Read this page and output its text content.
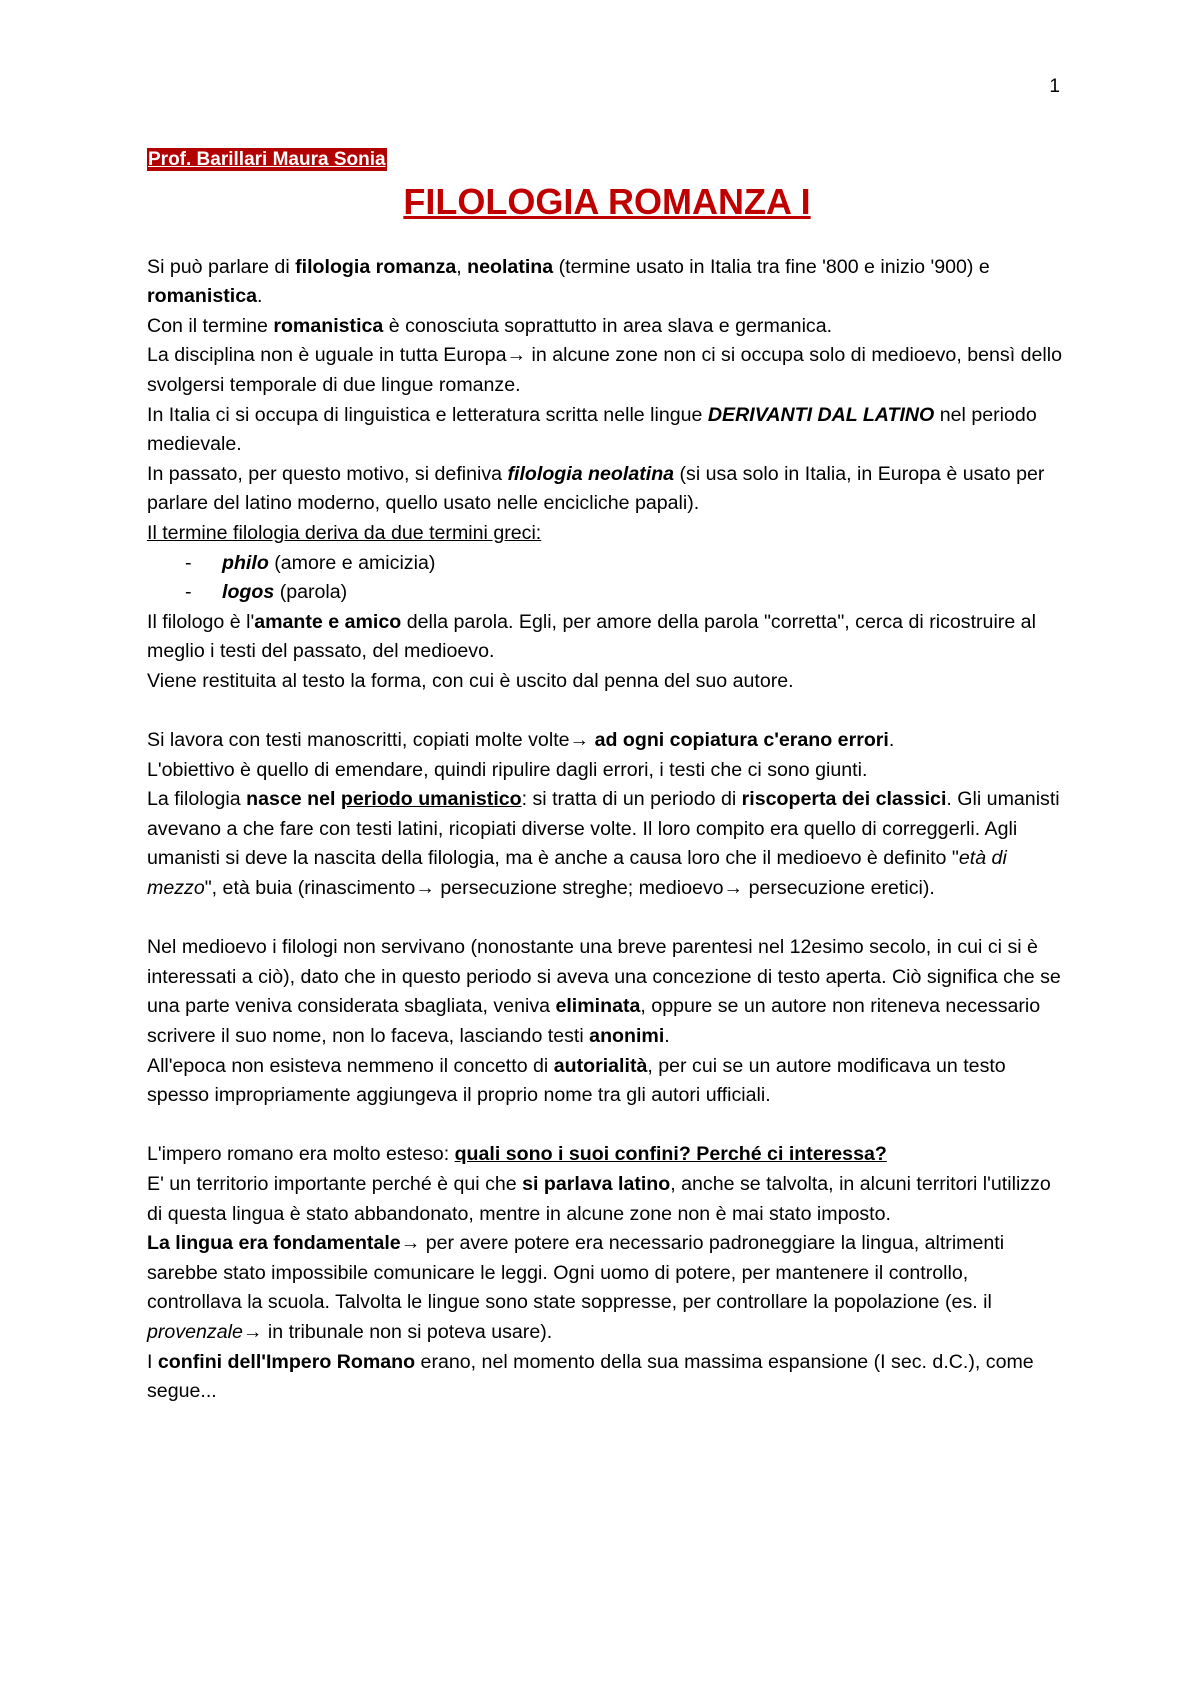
1
Prof. Barillari Maura Sonia
FILOLOGIA ROMANZA I

Si può parlare di filologia romanza, neolatina (termine usato in Italia tra fine '800 e inizio '900) e romanistica.

Con il termine romanistica è conosciuta soprattutto in area slava e germanica.

La disciplina non è uguale in tutta Europa→ in alcune zone non ci si occupa solo di medioevo, bensì dello svolgersi temporale di due lingue romanze.

In Italia ci si occupa di linguistica e letteratura scritta nelle lingue DERIVANTI DAL LATINO nel periodo medievale.

In passato, per questo motivo, si definiva filologia neolatina (si usa solo in Italia, in Europa è usato per parlare del latino moderno, quello usato nelle encicliche papali).

Il termine filologia deriva da due termini greci:

- philo (amore e amicizia)
- logos (parola)

Il filologo è l'amante e amico della parola. Egli, per amore della parola "corretta", cerca di ricostruire al meglio i testi del passato, del medioevo.

Viene restituita al testo la forma, con cui è uscito dal penna del suo autore.

Si lavora con testi manoscritti, copiati molte volte→ ad ogni copiatura c'erano errori.

L'obiettivo è quello di emendare, quindi ripulire dagli errori, i testi che ci sono giunti.

La filologia nasce nel periodo umanistico: si tratta di un periodo di riscoperta dei classici. Gli umanisti avevano a che fare con testi latini, ricopiati diverse volte. Il loro compito era quello di correggerli. Agli umanisti si deve la nascita della filologia, ma è anche a causa loro che il medioevo è definito "età di mezzo", età buia (rinascimento→ persecuzione streghe; medioevo→ persecuzione eretici).

Nel medioevo i filologi non servivano (nonostante una breve parentesi nel 12esimo secolo, in cui ci si è interessati a ciò), dato che in questo periodo si aveva una concezione di testo aperta. Ciò significa che se una parte veniva considerata sbagliata, veniva eliminata, oppure se un autore non riteneva necessario scrivere il suo nome, non lo faceva, lasciando testi anonimi.

All'epoca non esisteva nemmeno il concetto di autorialità, per cui se un autore modificava un testo spesso impropriamente aggiungeva il proprio nome tra gli autori ufficiali.

L'impero romano era molto esteso: quali sono i suoi confini? Perché ci interessa?

E' un territorio importante perché è qui che si parlava latino, anche se talvolta, in alcuni territori l'utilizzo di questa lingua è stato abbandonato, mentre in alcune zone non è mai stato imposto.

La lingua era fondamentale→ per avere potere era necessario padroneggiare la lingua, altrimenti sarebbe stato impossibile comunicare le leggi. Ogni uomo di potere, per mantenere il controllo, controllava la scuola. Talvolta le lingue sono state soppresse, per controllare la popolazione (es. il provenzale→ in tribunale non si poteva usare).

I confini dell'Impero Romano erano, nel momento della sua massima espansione (I sec. d.C.), come segue...
